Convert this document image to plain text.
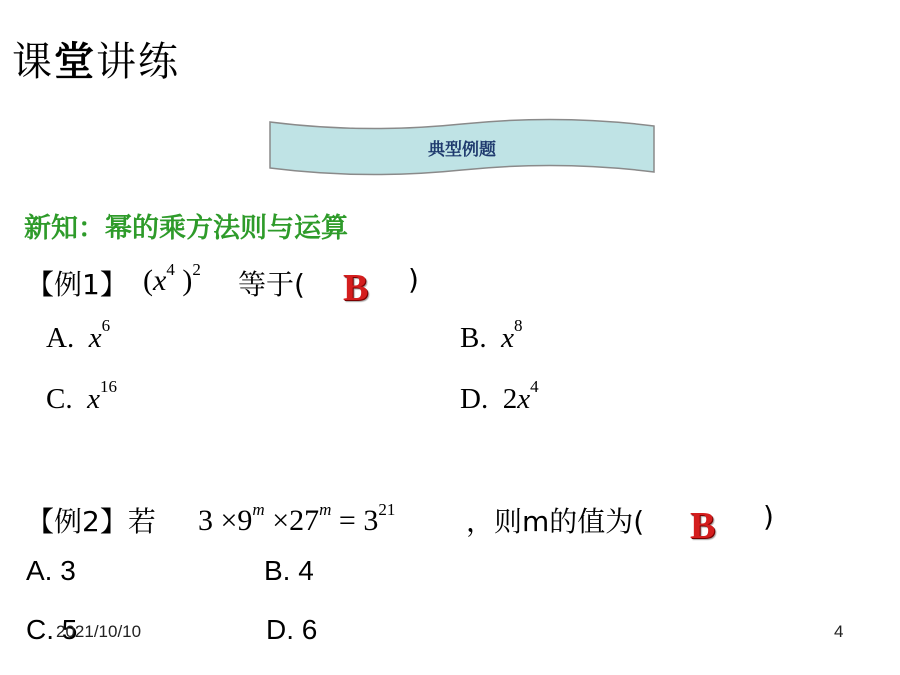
课堂讲练
典型例题
新知：幂的乘方法则与运算
【例1】 ($x^4$ )$^2$ 等于( B )
A. $x^6$	B. $x^8$
C. $x^{16}$	D. $2x^4$
【例2】若 $3 \times 9^m \times 27^m = 3^{21}$	，则m的值为( B )
A. 3	B. 4
C. 5	D. 6
2021/10/10	4
